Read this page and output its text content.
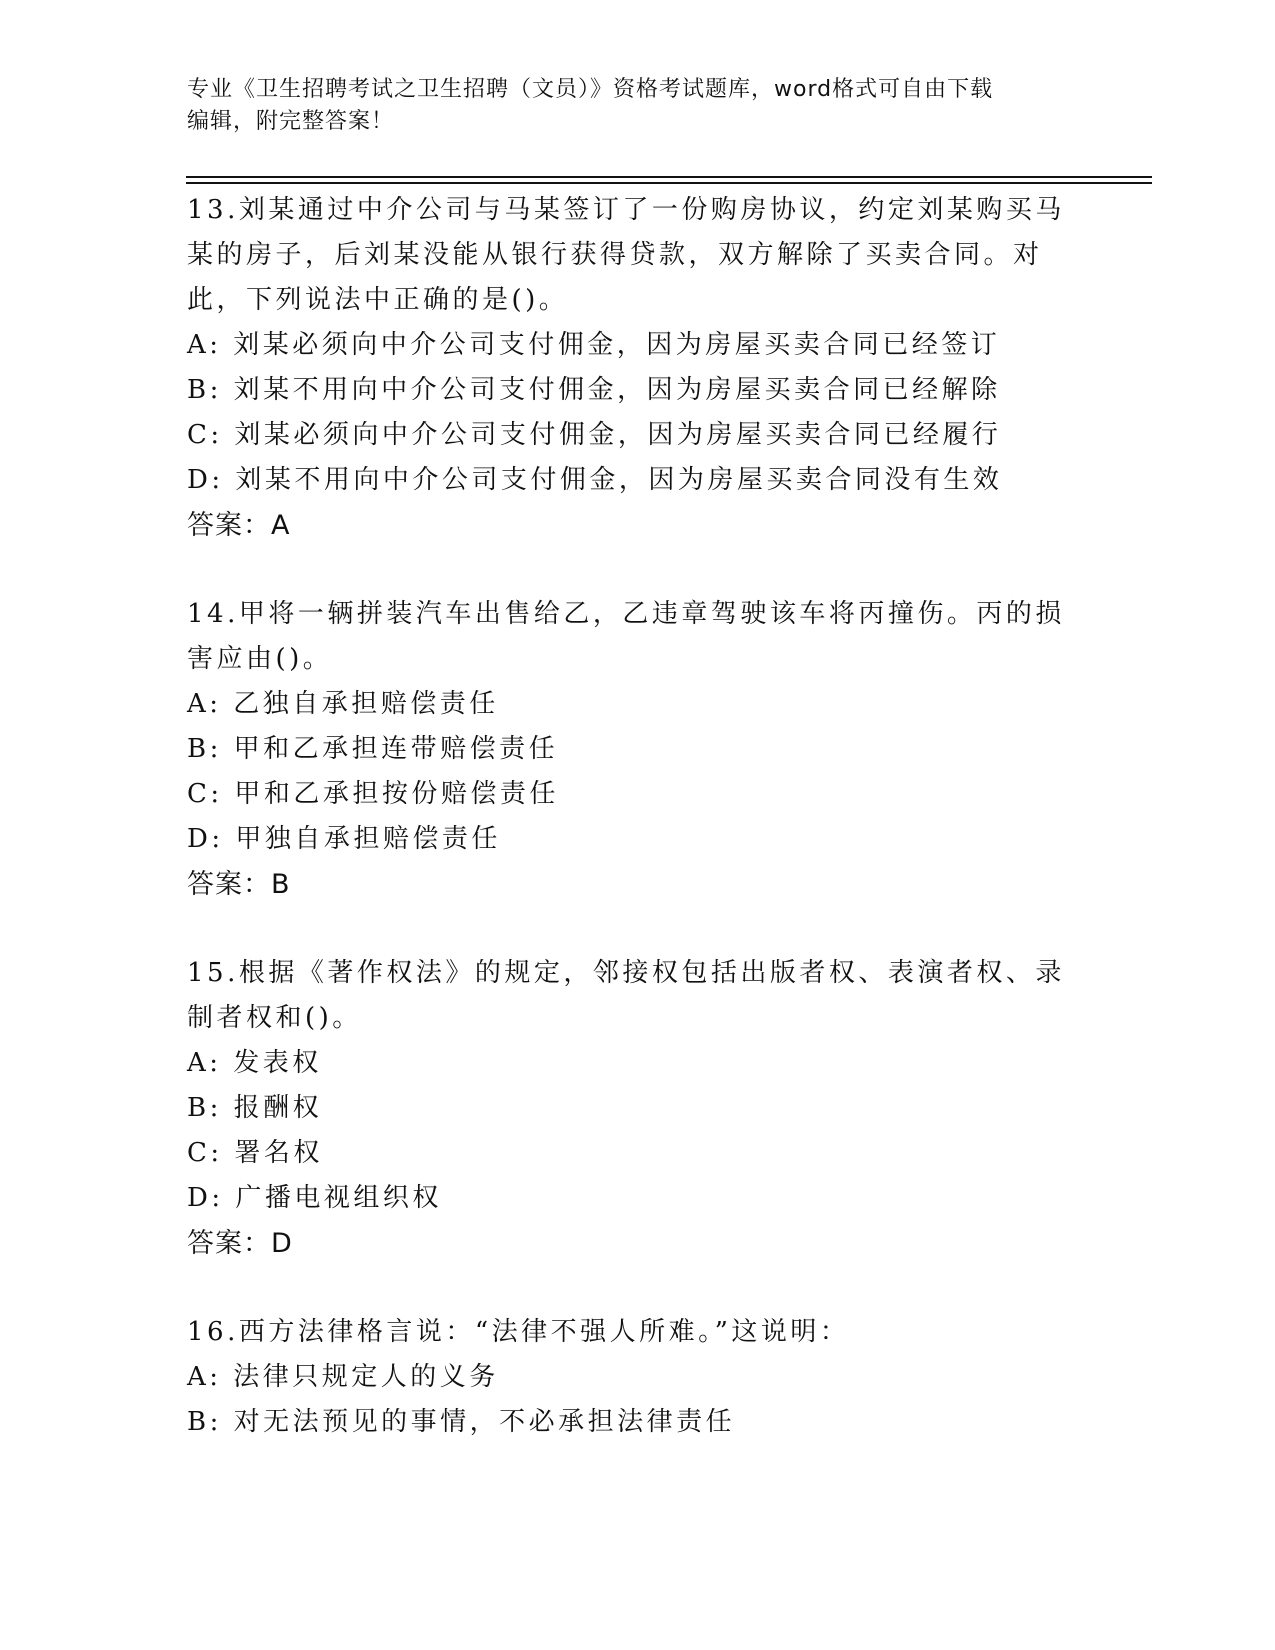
专业《卫生招聘考试之卫生招聘（文员）》资格考试题库，word格式可自由下载
编辑，附完整答案！
13.刘某通过中介公司与马某签订了一份购房协议，约定刘某购买马某的房子，后刘某没能从银行获得贷款，双方解除了买卖合同。对此，下列说法中正确的是()。
A: 刘某必须向中介公司支付佣金，因为房屋买卖合同已经签订
B: 刘某不用向中介公司支付佣金，因为房屋买卖合同已经解除
C: 刘某必须向中介公司支付佣金，因为房屋买卖合同已经履行
D: 刘某不用向中介公司支付佣金，因为房屋买卖合同没有生效
答案：A
14.甲将一辆拼装汽车出售给乙，乙违章驾驶该车将丙撞伤。丙的损害应由()。
A: 乙独自承担赔偿责任
B: 甲和乙承担连带赔偿责任
C: 甲和乙承担按份赔偿责任
D: 甲独自承担赔偿责任
答案：B
15.根据《著作权法》的规定，邻接权包括出版者权、表演者权、录制者权和()。
A: 发表权
B: 报酬权
C: 署名权
D: 广播电视组织权
答案：D
16.西方法律格言说：“法律不强人所难。”这说明：
A: 法律只规定人的义务
B: 对无法预见的事情，不必承担法律责任
